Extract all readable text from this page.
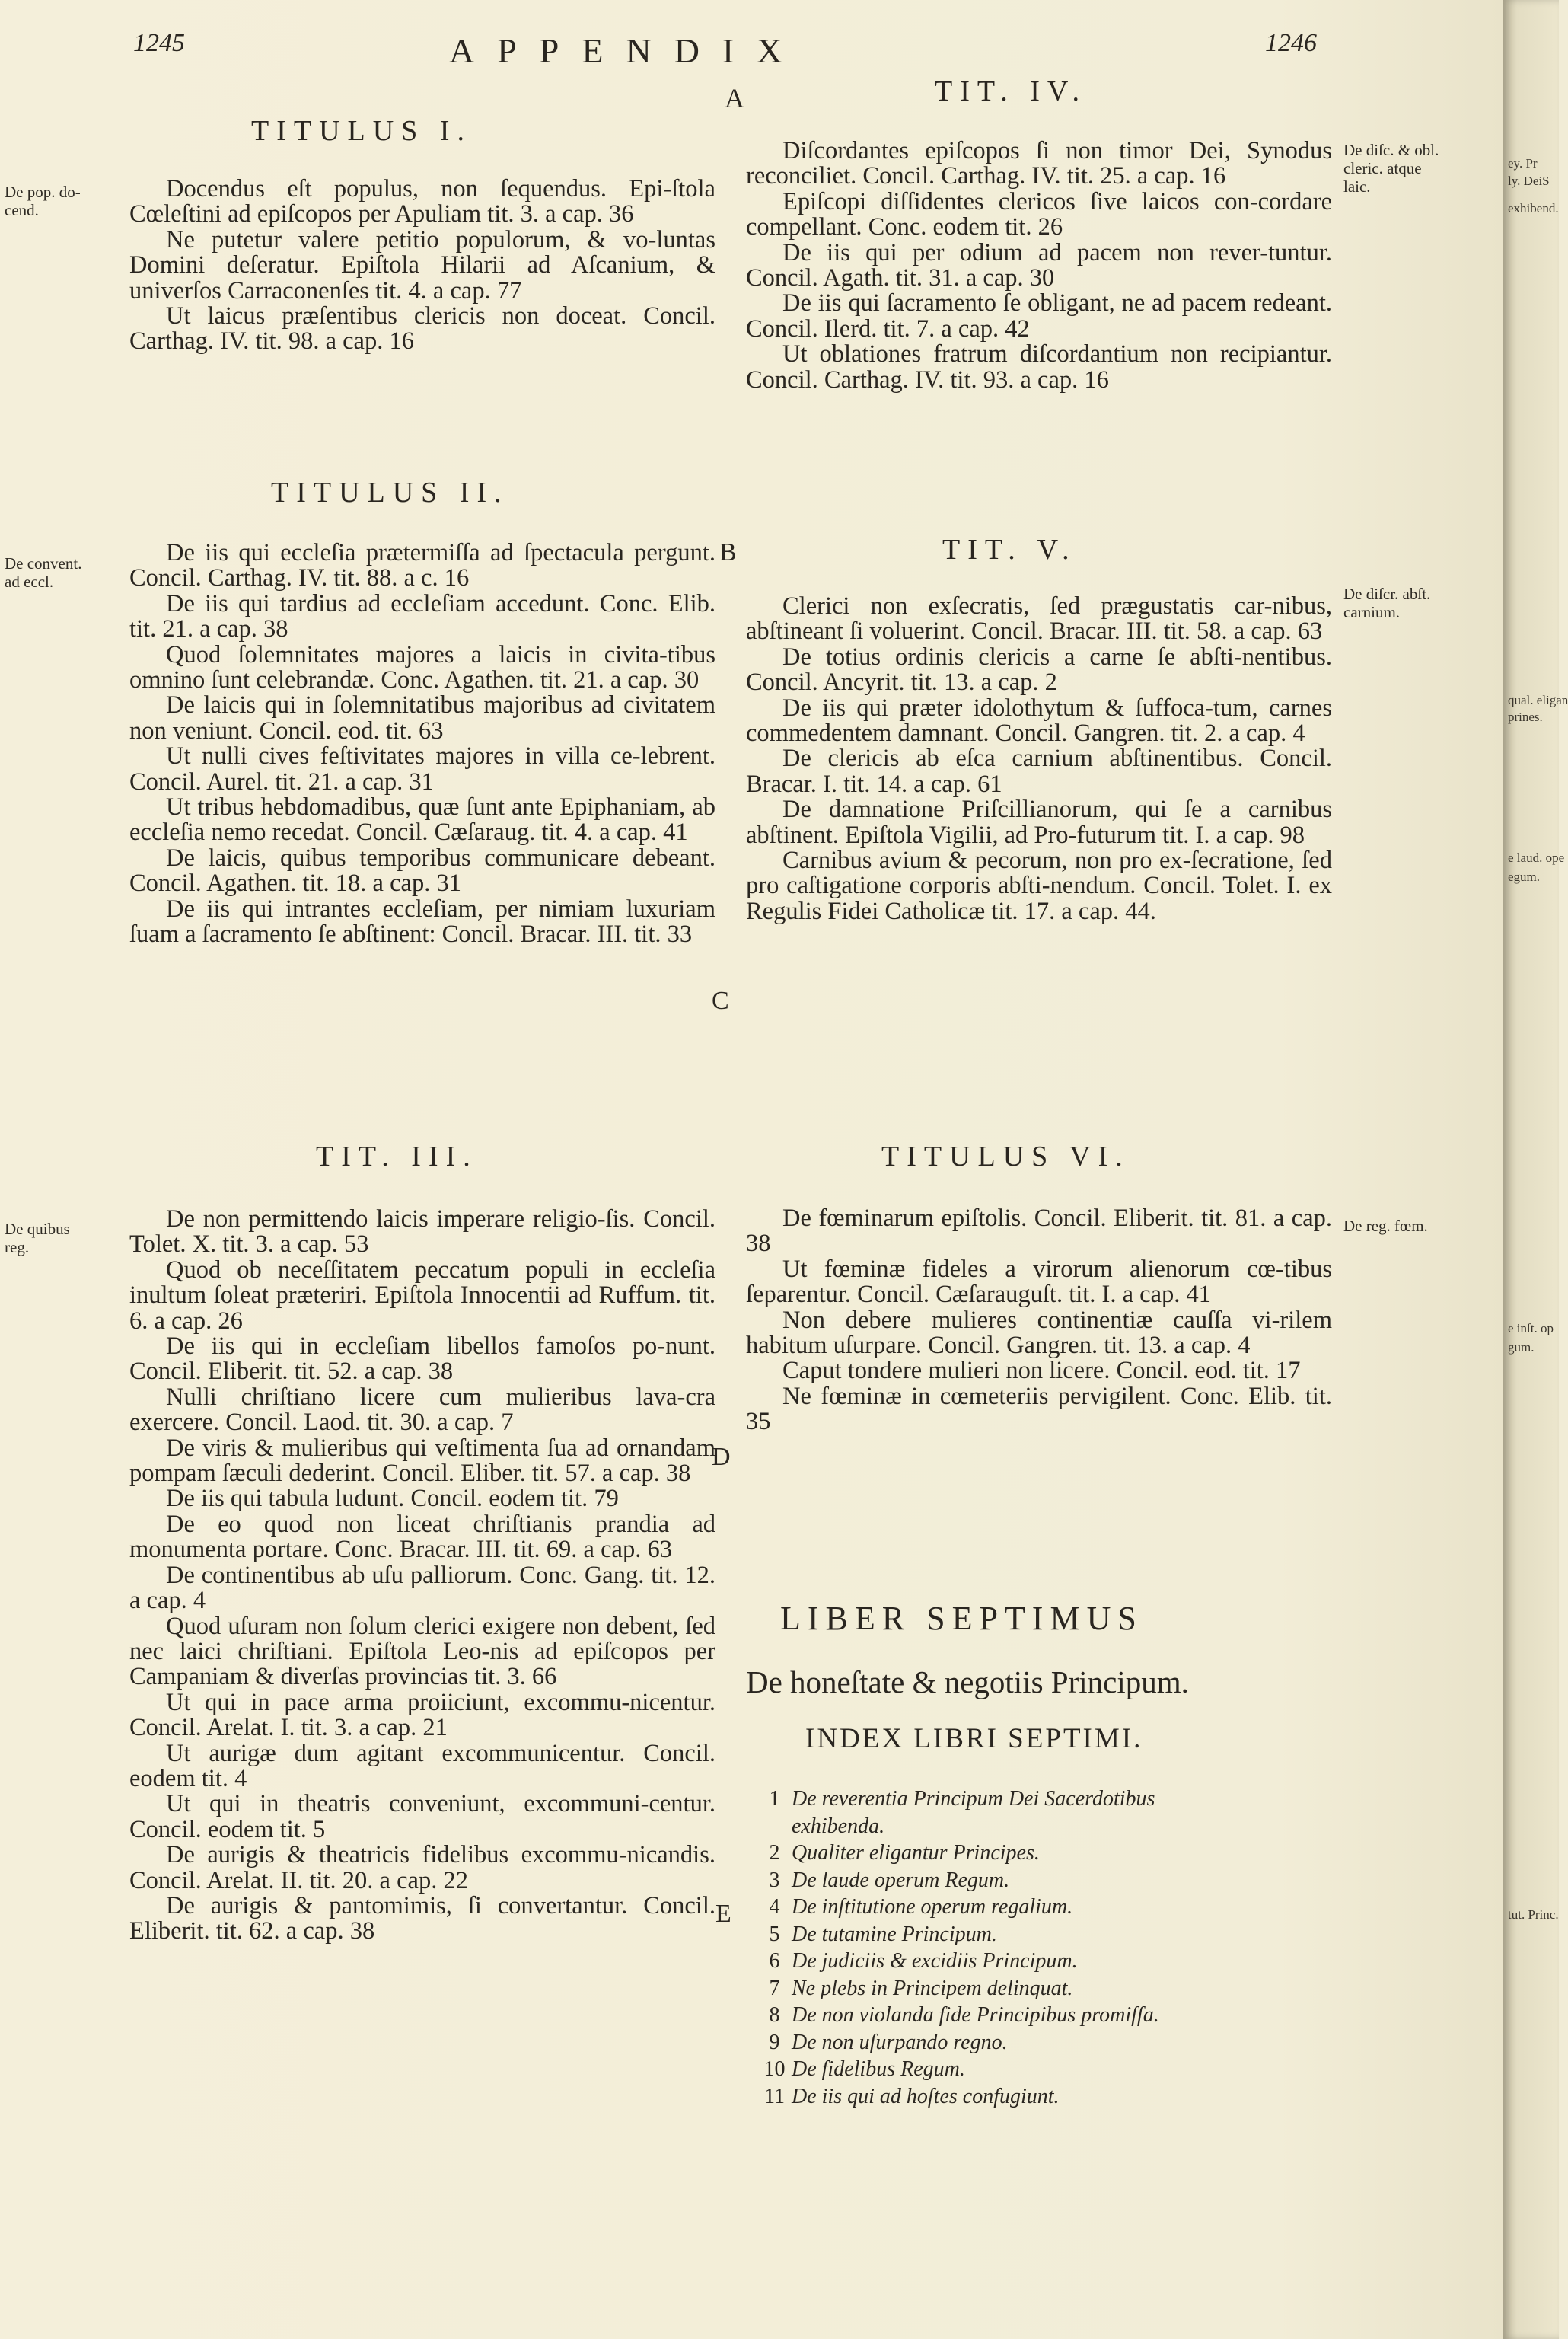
ey. Pr
ly. DeiS
exhibend.
qual. eligan
prines.
e laud. ope
egum.
e inſt. op
gum.
tut. Princ.
1245	APPENDIX	1246
A
De pop. do-
cend.
TITULUS I.

Docendus eſt populus, non ſequendus. Epi-ſtola Cœleſtini ad epiſcopos per Apuliam tit. 3. a cap. 36

Ne putetur valere petitio populorum, & vo-luntas Domini deſeratur. Epiſtola Hilarii ad Aſcanium, & univerſos Carraconenſes tit. 4. a cap. 77

Ut laicus præſentibus clericis non doceat. Concil. Carthag. IV. tit. 98. a cap. 16

De convent.
ad eccl.
TITULUS II.

De iis qui eccleſia prætermiſſa ad ſpectacula pergunt. Concil. Carthag. IV. tit. 88. a c. 16

De iis qui tardius ad eccleſiam accedunt. Conc. Elib. tit. 21. a cap. 38

Quod ſolemnitates majores a laicis in civita-tibus omnino ſunt celebrandæ. Conc. Agathen. tit. 21. a cap. 30

De laicis qui in ſolemnitatibus majoribus ad civitatem non veniunt. Concil. eod. tit. 63

Ut nulli cives feſtivitates majores in villa ce-lebrent. Concil. Aurel. tit. 21. a cap. 31

Ut tribus hebdomadibus, quæ ſunt ante Epiphaniam, ab eccleſia nemo recedat. Concil. Cæſaraug. tit. 4. a cap. 41

De laicis, quibus temporibus communicare debeant. Concil. Agathen. tit. 18. a cap. 31

De iis qui intrantes eccleſiam, per nimiam luxuriam ſuam a ſacramento ſe abſtinent: Concil. Bracar. III. tit. 33

B
C
De quibus
reg.
TIT. III.

De non permittendo laicis imperare religio-ſis. Concil. Tolet. X. tit. 3. a cap. 53

Quod ob neceſſitatem peccatum populi in eccleſia inultum ſoleat præteriri. Epiſtola Innocentii ad Ruffum. tit. 6. a cap. 26

De iis qui in eccleſiam libellos famoſos po-nunt. Concil. Eliberit. tit. 52. a cap. 38

Nulli chriſtiano licere cum mulieribus lava-cra exercere. Concil. Laod. tit. 30. a cap. 7

De viris & mulieribus qui veſtimenta ſua ad ornandam pompam ſæculi dederint. Concil. Eliber. tit. 57. a cap. 38

De iis qui tabula ludunt. Concil. eodem tit. 79

De eo quod non liceat chriſtianis prandia ad monumenta portare. Conc. Bracar. III. tit. 69. a cap. 63

De continentibus ab uſu palliorum. Conc. Gang. tit. 12. a cap. 4

Quod uſuram non ſolum clerici exigere non debent, ſed nec laici chriſtiani. Epiſtola Leo-nis ad epiſcopos per Campaniam & diverſas provincias tit. 3. 66

Ut qui in pace arma proiiciunt, excommu-nicentur. Concil. Arelat. I. tit. 3. a cap. 21

Ut aurigæ dum agitant excommunicentur. Concil. eodem tit. 4

Ut qui in theatris conveniunt, excommuni-centur. Concil. eodem tit. 5

De aurigis & theatricis fidelibus excommu-nicandis. Concil. Arelat. II. tit. 20. a cap. 22

De aurigis & pantomimis, ſi convertantur. Concil. Eliberit. tit. 62. a cap. 38

D
E
TIT. IV.
De diſc. & obl.
cleric. atque
laic.

Diſcordantes epiſcopos ſi non timor Dei, Synodus reconciliet. Concil. Carthag. IV. tit. 25. a cap. 16

Epiſcopi diſſidentes clericos ſive laicos con-cordare compellant. Conc. eodem tit. 26

De iis qui per odium ad pacem non rever-tuntur. Concil. Agath. tit. 31. a cap. 30

De iis qui ſacramento ſe obligant, ne ad pacem redeant. Concil. Ilerd. tit. 7. a cap. 42

Ut oblationes fratrum diſcordantium non recipiantur. Concil. Carthag. IV. tit. 93. a cap. 16

TIT. V.
De diſcr. abſt.
carnium.

Clerici non exſecratis, ſed prægustatis car-nibus, abſtineant ſi voluerint. Concil. Bracar. III. tit. 58. a cap. 63

De totius ordinis clericis a carne ſe abſti-nentibus. Concil. Ancyrit. tit. 13. a cap. 2

De iis qui præter idolothytum & ſuffoca-tum, carnes commedentem damnant. Concil. Gangren. tit. 2. a cap. 4

De clericis ab eſca carnium abſtinentibus. Concil. Bracar. I. tit. 14. a cap. 61

De damnatione Priſcillianorum, qui ſe a carnibus abſtinent. Epiſtola Vigilii, ad Pro-futurum tit. I. a cap. 98

Carnibus avium & pecorum, non pro ex-ſecratione, ſed pro caſtigatione corporis abſti-nendum. Concil. Tolet. I. ex Regulis Fidei Catholicæ tit. 17. a cap. 44.

TITULUS VI.
De reg. fœm.

De fœminarum epiſtolis. Concil. Eliberit. tit. 81. a cap. 38

Ut fœminæ fideles a virorum alienorum cœ-tibus ſeparentur. Concil. Cæſarauguſt. tit. I. a cap. 41

Non debere mulieres continentiæ cauſſa vi-rilem habitum uſurpare. Concil. Gangren. tit. 13. a cap. 4

Caput tondere mulieri non licere. Concil. eod. tit. 17

Ne fœminæ in cœmeteriis pervigilent. Conc. Elib. tit. 35

LIBER SEPTIMUS
De honeſtate & negotiis Principum.
INDEX LIBRI SEPTIMI.
1 De reverentia Principum Dei Sacerdotibus
exhibenda.
2 Qualiter eligantur Principes.
3 De laude operum Regum.
4 De inſtitutione operum regalium.
5 De tutamine Principum.
6 De judiciis & excidiis Principum.
7 Ne plebs in Principem delinquat.
8 De non violanda fide Principibus promiſſa.
9 De non uſurpando regno.
10 De fidelibus Regum.
11 De iis qui ad hoſtes confugiunt.
